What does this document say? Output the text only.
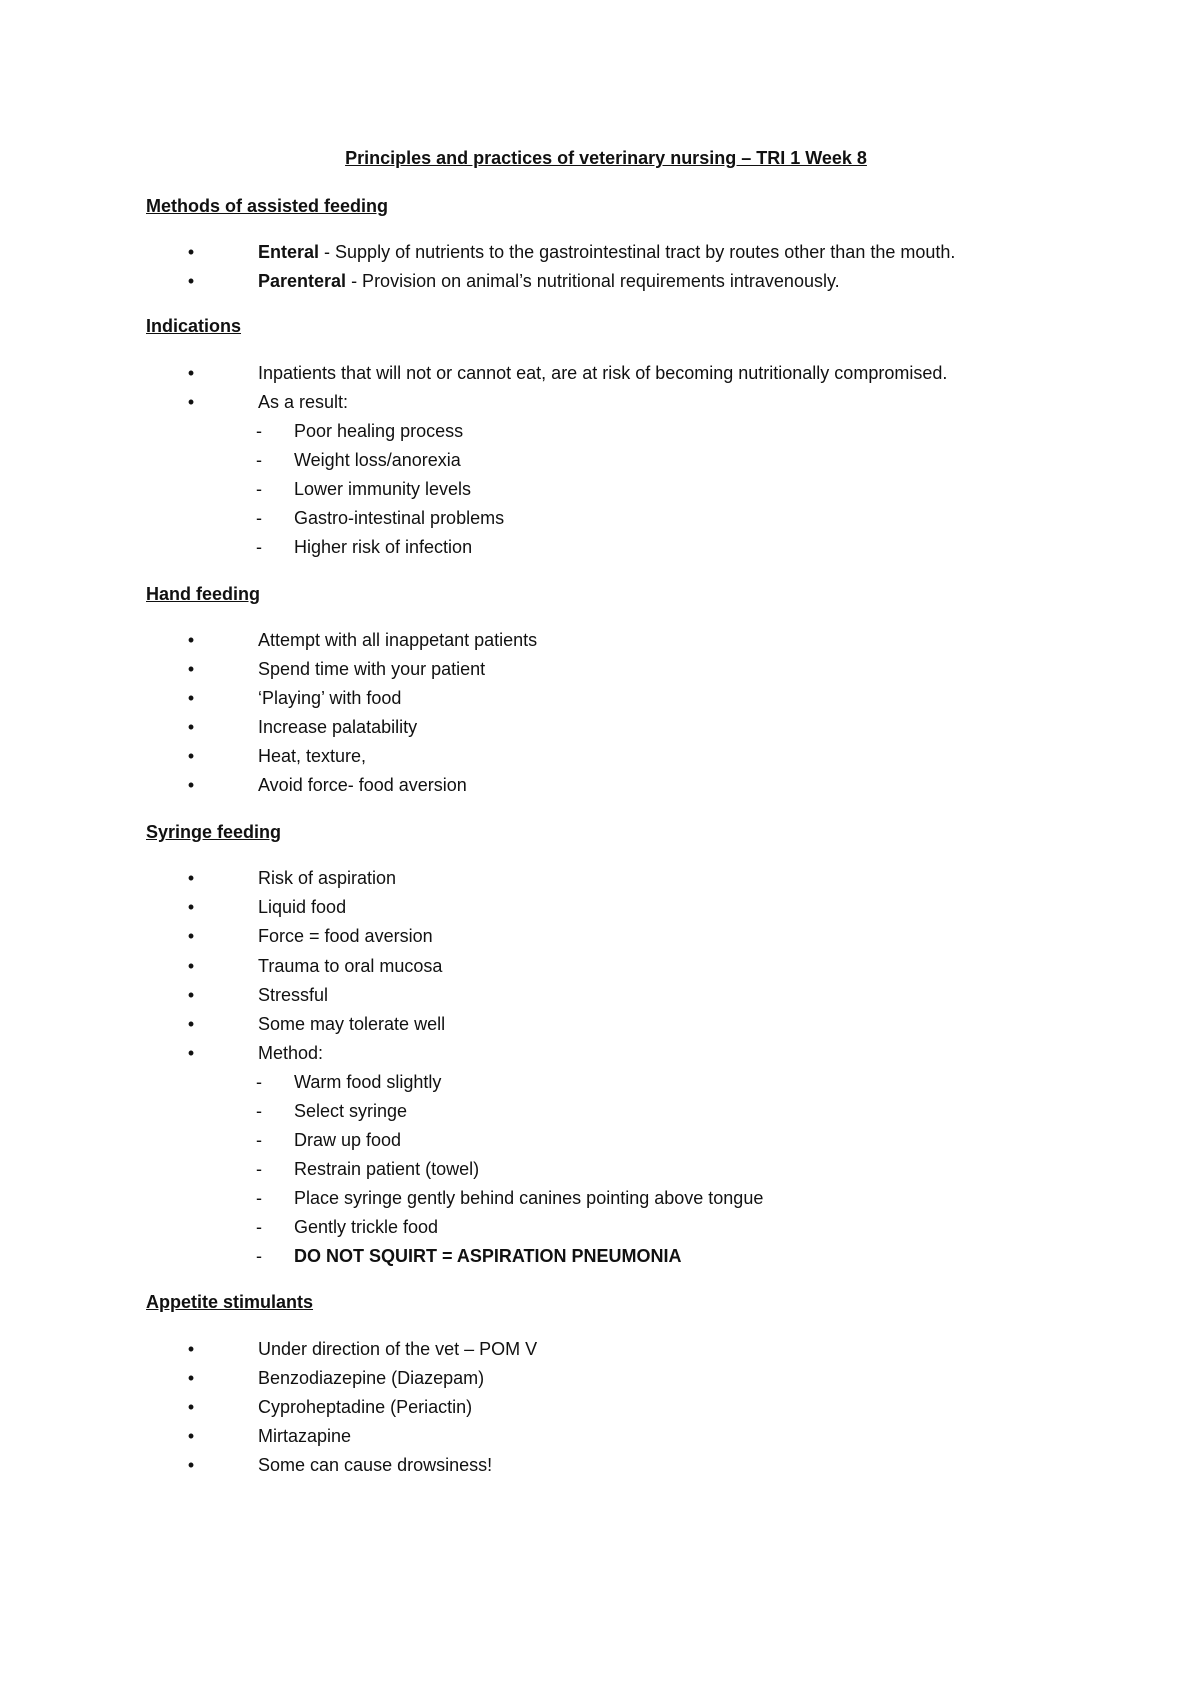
Principles and practices of veterinary nursing – TRI 1 Week 8
Methods of assisted feeding
•	Enteral - Supply of nutrients to the gastrointestinal tract by routes other than the mouth.
•	Parenteral - Provision on animal’s nutritional requirements intravenously.
Indications
•	Inpatients that will not or cannot eat, are at risk of becoming nutritionally compromised.
•	As a result:
- Poor healing process
- Weight loss/anorexia
- Lower immunity levels
- Gastro-intestinal problems
- Higher risk of infection
Hand feeding
•	Attempt with all inappetant patients
•	Spend time with your patient
•	‘Playing’ with food
•	Increase palatability
•	Heat, texture,
•	Avoid force- food aversion
Syringe feeding
•	Risk of aspiration
•	Liquid food
•	Force = food aversion
•	Trauma to oral mucosa
•	Stressful
•	Some may tolerate well
•	Method:
- Warm food slightly
- Select syringe
- Draw up food
- Restrain patient (towel)
- Place syringe gently behind canines pointing above tongue
- Gently trickle food
- DO NOT SQUIRT = ASPIRATION PNEUMONIA
Appetite stimulants
•	Under direction of the vet – POM V
•	Benzodiazepine (Diazepam)
•	Cyproheptadine (Periactin)
•	Mirtazapine
•	Some can cause drowsiness!
